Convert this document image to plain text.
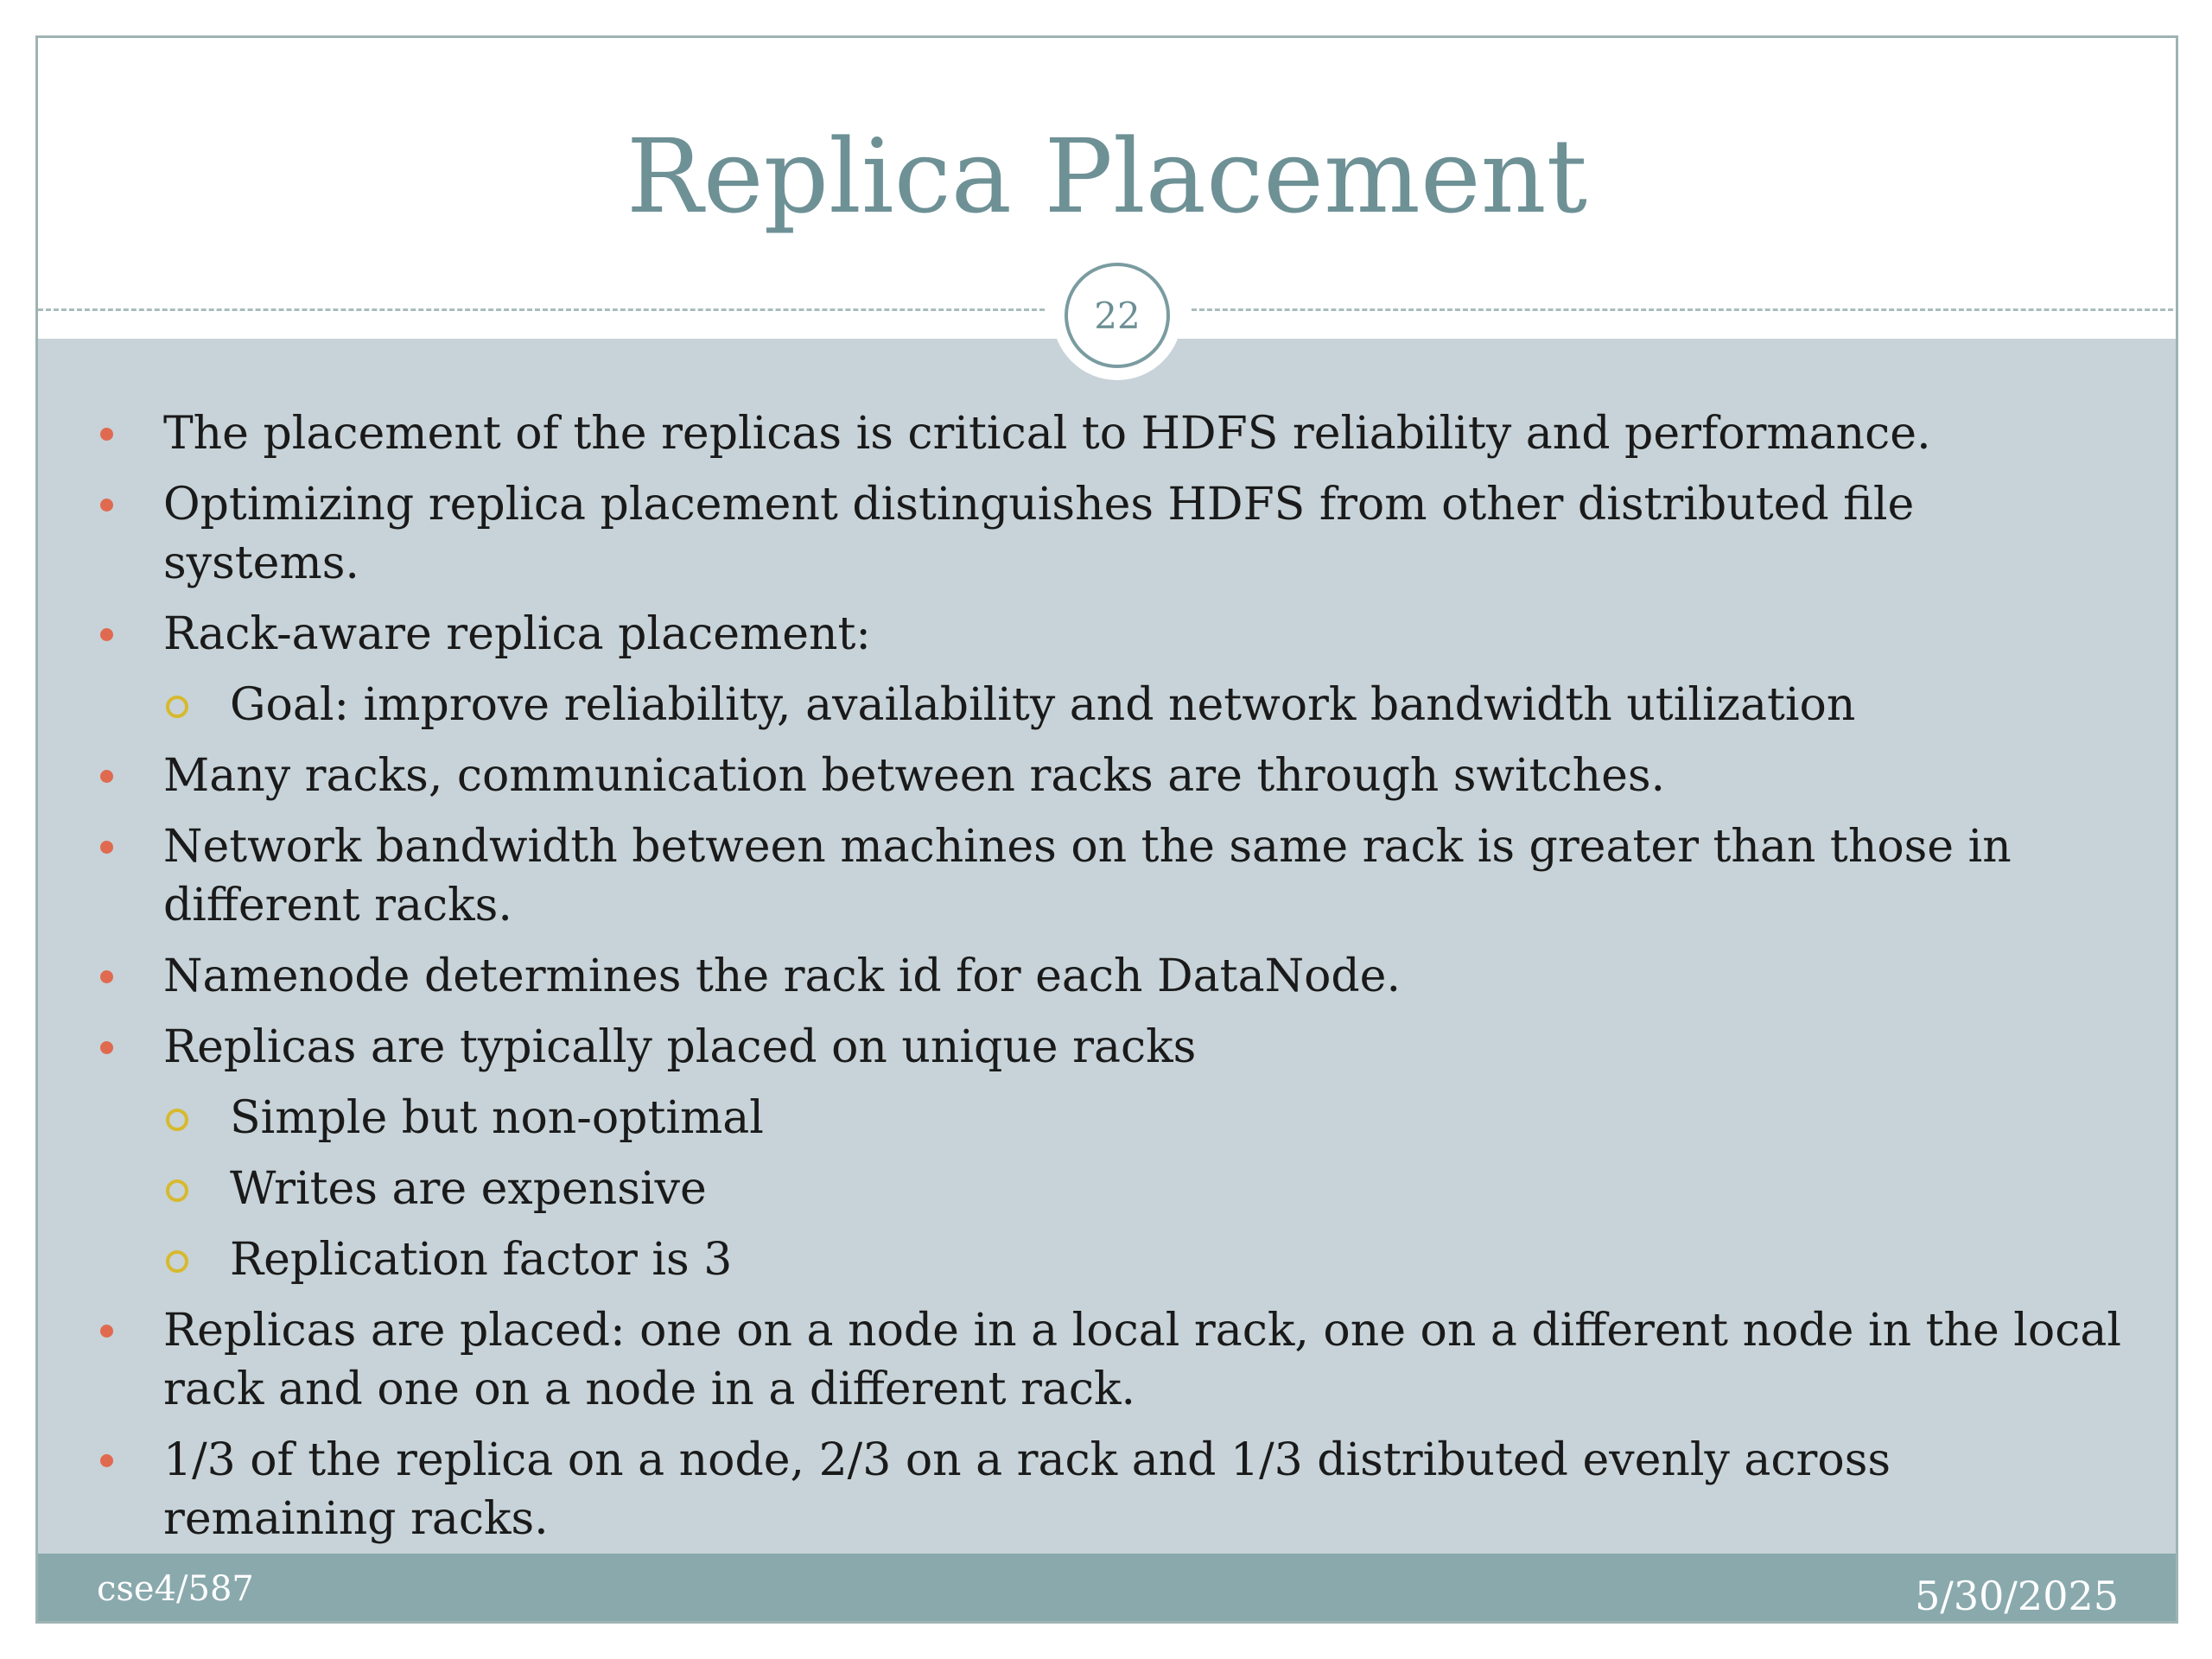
Replica Placement
The placement of the replicas is critical to HDFS reliability and performance.
Optimizing replica placement distinguishes HDFS from other distributed file systems.
Rack-aware replica placement:
Goal: improve reliability, availability and network bandwidth utilization
Many racks, communication between racks are through switches.
Network bandwidth between machines on the same rack is greater than those in different racks.
Namenode determines the rack id for each DataNode.
Replicas are typically placed on unique racks
Simple but non-optimal
Writes are expensive
Replication factor is 3
Replicas are placed: one on a node in a local rack, one on a different node in the local rack and one on a node in a different rack.
1/3 of the replica on a node, 2/3 on a rack and 1/3 distributed evenly across remaining racks.
22
cse4/587	5/30/2025
